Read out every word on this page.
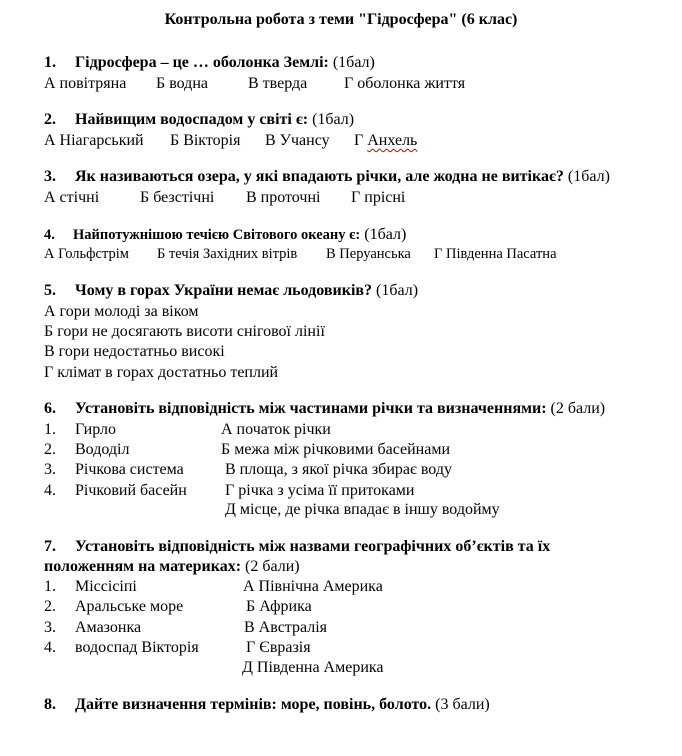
Контрольна робота з теми "Гідросфера" (6 клас)
1. Гідросфера – це … оболонка Землі: (1бал)
А повітряна Б водна	В тверда Г оболонка життя
2. Найвищим водоспадом у світі є: (1бал)
А Ніагарський Б Вікторія В Учансу Г Анхель
3. Як називаються озера, у які впадають річки, але жодна не витікає? (1бал)
А стічні	Б безстічні В проточні Г прісні
4. Найпотужнішою течією Світового океану є: (1бал)
А Гольфстрім Б течія Західних вітрів В Перуанська Г Південна Пасатна
5. Чому в горах України немає льодовиків? (1бал)
А гори молоді за віком
Б гори не досягають висоти снігової лінії
В гори недостатньо високі
Г клімат в горах достатньо теплий
6. Установіть відповідність між частинами річки та визначеннями: (2 бали)
1. Гирло
2. Вододіл
3. Річкова система
4. Річковий басейн
А початок річки
Б межа між річковими басейнами
В площа, з якої річка збирає воду
Г річка з усіма її притоками
Д місце, де річка впадає в іншу водойму
7. Установіть відповідність між назвами географічних об’єктів та їх
положенням на материках: (2 бали)
1. Міссісіпі
2. Аральське море
3. Амазонка
4. водоспад Вікторія
А Північна Америка
Б Африка
В Австралія
Г Євразія
Д Південна Америка
8. Дайте визначення термінів: море, повінь, болото. (3 бали)
